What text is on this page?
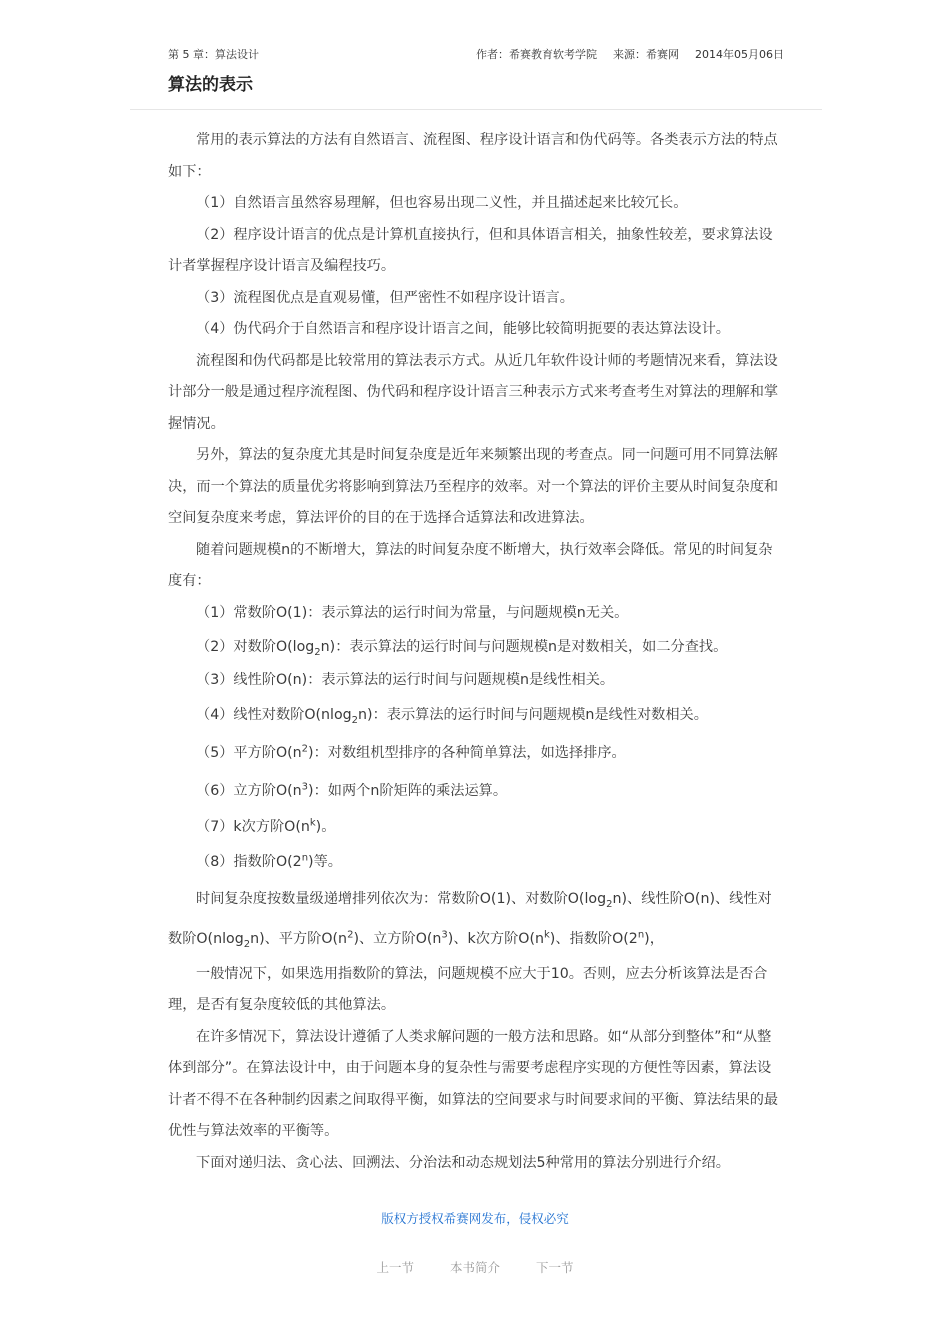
第 5 章：算法设计	作者：希赛教育软考学院 来源：希赛网 2014年05月06日
算法的表示

常用的表示算法的方法有自然语言、流程图、程序设计语言和伪代码等。各类表示方法的特点如下：

（1）自然语言虽然容易理解，但也容易出现二义性，并且描述起来比较冗长。

（2）程序设计语言的优点是计算机直接执行，但和具体语言相关，抽象性较差，要求算法设计者掌握程序设计语言及编程技巧。

（3）流程图优点是直观易懂，但严密性不如程序设计语言。

（4）伪代码介于自然语言和程序设计语言之间，能够比较简明扼要的表达算法设计。

流程图和伪代码都是比较常用的算法表示方式。从近几年软件设计师的考题情况来看，算法设计部分一般是通过程序流程图、伪代码和程序设计语言三种表示方式来考查考生对算法的理解和掌握情况。

另外，算法的复杂度尤其是时间复杂度是近年来频繁出现的考查点。同一问题可用不同算法解决，而一个算法的质量优劣将影响到算法乃至程序的效率。对一个算法的评价主要从时间复杂度和空间复杂度来考虑，算法评价的目的在于选择合适算法和改进算法。

随着问题规模n的不断增大，算法的时间复杂度不断增大，执行效率会降低。常见的时间复杂度有：

（1）常数阶O(1)：表示算法的运行时间为常量，与问题规模n无关。

（2）对数阶$O(\log_2n)$：表示算法的运行时间与问题规模n是对数相关，如二分查找。

（3）线性阶O(n)：表示算法的运行时间与问题规模n是线性相关。

（4）线性对数阶O(nlog$_2$n)：表示算法的运行时间与问题规模n是线性对数相关。

（5）平方阶$O(n^2)$：对数组机型排序的各种简单算法，如选择排序。

（6）立方阶$O(n^3)$：如两个n阶矩阵的乘法运算。

（7）k次方阶$O(n^k)$。

（8）指数阶O(2$^n$)等。

时间复杂度按数量级递增排列依次为：常数阶O(1)、对数阶$O(\log_2n)$、线性阶O(n)、线性对数阶O(nlog$_2$n)、平方阶$O(n^2)$、立方阶$O(n^3)$、k次方阶$O(n^k)$、指数阶O(2$^n$)，

一般情况下，如果选用指数阶的算法，问题规模不应大于10。否则，应去分析该算法是否合理，是否有复杂度较低的其他算法。

在许多情况下，算法设计遵循了人类求解问题的一般方法和思路。如“从部分到整体”和“从整体到部分”。在算法设计中，由于问题本身的复杂性与需要考虑程序实现的方便性等因素，算法设计者不得不在各种制约因素之间取得平衡，如算法的空间要求与时间要求间的平衡、算法结果的最优性与算法效率的平衡等。

下面对递归法、贪心法、回溯法、分治法和动态规划法5种常用的算法分别进行介绍。

版权方授权希赛网发布，侵权必究
上一节	本书简介	下一节
